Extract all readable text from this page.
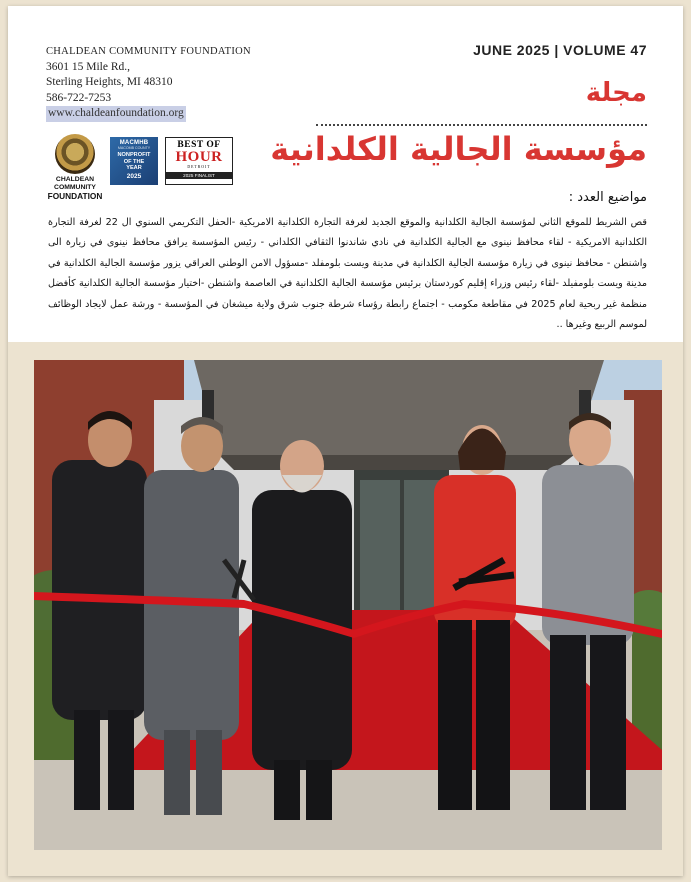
CHALDEAN COMMUNITY FOUNDATION
3601 15 Mile Rd.,
Sterling Heights, MI 48310
586-722-7253
www.chaldeanfoundation.org
JUNE 2025 | VOLUME 47
مجلة
مؤسسة الجالية الكلدانية
CHALDEAN COMMUNITY
FOUNDATION
MACMHB
MACOMB COUNTY
NONPROFIT
OF THE
YEAR
2025
BEST OF
HOUR
DETROIT
2025 FINALIST
مواضيع العدد :
قص الشريط للموقع الثاني لمؤسسة الجالية الكلدانية والموقع الجديد لغرفة التجارة الكلدانية الامريكية -الحفل التكريمي السنوي ال 22 لغرفة التجارة الكلدانية الامريكية - لقاء محافظ نينوى مع الجالية الكلدانية في نادي شاندنوا الثقافي الكلداني - رئيس المؤسسة يرافق محافظ نينوى في زيارة الى واشنطن - محافظ نينوى في زيارة مؤسسة الجالية الكلدانية في مدينة ويست بلومفلد -مسؤول الامن الوطني العراقي يزور مؤسسة الجالية الكلدانية في مدينة ويست بلومفيلد -لقاء رئيس وزراء إقليم كوردستان برئيس مؤسسة الجالية الكلدانية في العاصمة واشنطن -اختيار مؤسسة الجالية الكلدانية كأفضل منظمة غير ربحية لعام 2025 في مقاطعة مكومب - اجتماع رابطة رؤساء شرطة جنوب شرق ولاية ميشغان في المؤسسة - ورشة عمل لايجاد الوظائف لموسم الربيع وغيرها ..
